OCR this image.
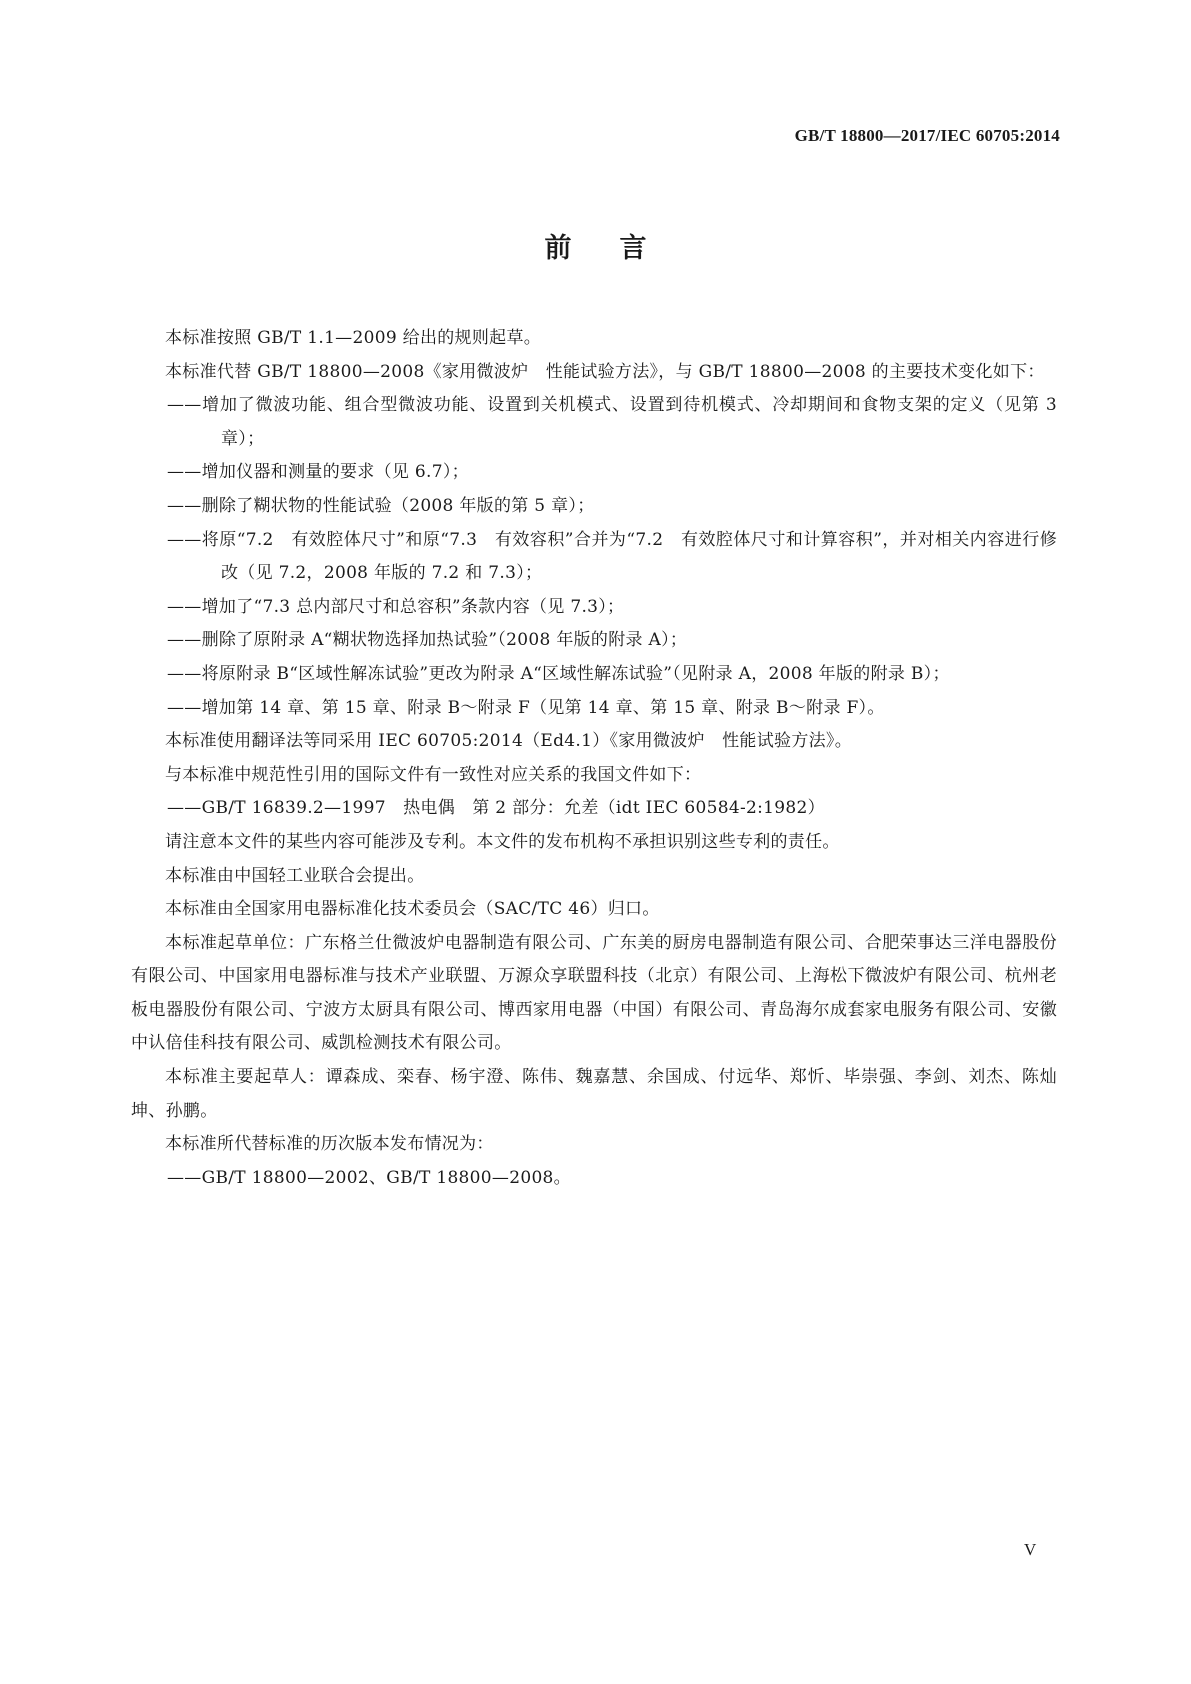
GB/T 18800—2017/IEC 60705:2014
前言

本标准按照 GB/T 1.1—2009 给出的规则起草。

本标准代替 GB/T 18800—2008《家用微波炉　性能试验方法》，与 GB/T 18800—2008 的主要技术变化如下：

——增加了微波功能、组合型微波功能、设置到关机模式、设置到待机模式、冷却期间和食物支架的定义（见第 3 章）；

——增加仪器和测量的要求（见 6.7）；

——删除了糊状物的性能试验（2008 年版的第 5 章）；

——将原“7.2　有效腔体尺寸”和原“7.3　有效容积”合并为“7.2　有效腔体尺寸和计算容积”，并对相关内容进行修改（见 7.2，2008 年版的 7.2 和 7.3）；

——增加了“7.3 总内部尺寸和总容积”条款内容（见 7.3）；

——删除了原附录 A“糊状物选择加热试验”（2008 年版的附录 A）；

——将原附录 B“区域性解冻试验”更改为附录 A“区域性解冻试验”（见附录 A，2008 年版的附录 B）；

——增加第 14 章、第 15 章、附录 B～附录 F（见第 14 章、第 15 章、附录 B～附录 F）。

本标准使用翻译法等同采用 IEC 60705:2014（Ed4.1）《家用微波炉　性能试验方法》。

与本标准中规范性引用的国际文件有一致性对应关系的我国文件如下：

——GB/T 16839.2—1997　热电偶　第 2 部分：允差（idt IEC 60584-2:1982）

请注意本文件的某些内容可能涉及专利。本文件的发布机构不承担识别这些专利的责任。

本标准由中国轻工业联合会提出。

本标准由全国家用电器标准化技术委员会（SAC/TC 46）归口。

本标准起草单位：广东格兰仕微波炉电器制造有限公司、广东美的厨房电器制造有限公司、合肥荣事达三洋电器股份有限公司、中国家用电器标准与技术产业联盟、万源众享联盟科技（北京）有限公司、上海松下微波炉有限公司、杭州老板电器股份有限公司、宁波方太厨具有限公司、博西家用电器（中国）有限公司、青岛海尔成套家电服务有限公司、安徽中认倍佳科技有限公司、威凯检测技术有限公司。

本标准主要起草人：谭森成、栾春、杨宇澄、陈伟、魏嘉慧、余国成、付远华、郑忻、毕崇强、李剑、刘杰、陈灿坤、孙鹏。

本标准所代替标准的历次版本发布情况为：

——GB/T 18800—2002、GB/T 18800—2008。

V
